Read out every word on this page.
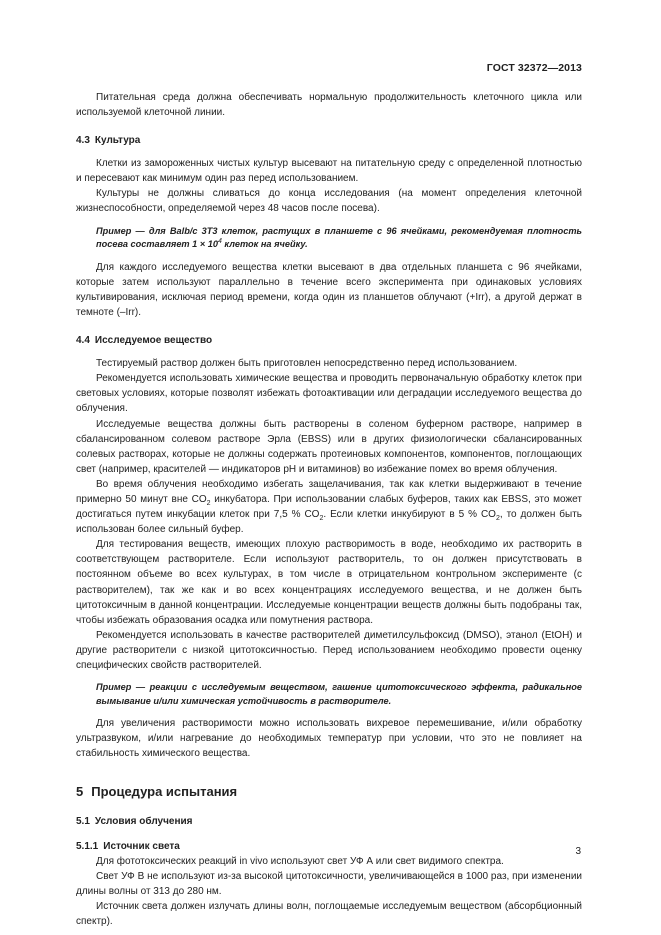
ГОСТ 32372—2013

Питательная среда должна обеспечивать нормальную продолжительность клеточного цикла или используемой клеточной линии.

4.3 Культура

Клетки из замороженных чистых культур высевают на питательную среду с определенной плотностью и пересевают как минимум один раз перед использованием.

Культуры не должны сливаться до конца исследования (на момент определения клеточной жизнеспособности, определяемой через 48 часов после посева).

Пример — для Balb/c 3T3 клеток, растущих в планшете с 96 ячейками, рекомендуемая плотность посева составляет $1 \times 10^4$ клеток на ячейку.

Для каждого исследуемого вещества клетки высевают в два отдельных планшета с 96 ячейками, которые затем используют параллельно в течение всего эксперимента при одинаковых условиях культивирования, исключая период времени, когда один из планшетов облучают (+Irr), а другой держат в темноте (–Irr).

4.4 Исследуемое вещество

Тестируемый раствор должен быть приготовлен непосредственно перед использованием.

Рекомендуется использовать химические вещества и проводить первоначальную обработку клеток при световых условиях, которые позволят избежать фотоактивации или деградации исследуемого вещества до облучения.

Исследуемые вещества должны быть растворены в соленом буферном растворе, например в сбалансированном солевом растворе Эрла (EBSS) или в других физиологически сбалансированных солевых растворах, которые не должны содержать протеиновых компонентов, компонентов, поглощающих свет (например, красителей — индикаторов pH и витаминов) во избежание помех во время облучения.

Во время облучения необходимо избегать защелачивания, так как клетки выдерживают в течение примерно 50 минут вне $CO_2$ инкубатора. При использовании слабых буферов, таких как EBSS, это может достигаться путем инкубации клеток при 7,5 % $CO_2$. Если клетки инкубируют в 5 % $CO_2$, то должен быть использован более сильный буфер.

Для тестирования веществ, имеющих плохую растворимость в воде, необходимо их растворить в соответствующем растворителе. Если используют растворитель, то он должен присутствовать в постоянном объеме во всех культурах, в том числе в отрицательном контрольном эксперименте (с растворителем), так же как и во всех концентрациях исследуемого вещества, и не должен быть цитотоксичным в данной концентрации. Исследуемые концентрации веществ должны быть подобраны так, чтобы избежать образования осадка или помутнения раствора.

Рекомендуется использовать в качестве растворителей диметилсульфоксид (DMSO), этанол (EtOH) и другие растворители с низкой цитотоксичностью. Перед использованием необходимо провести оценку специфических свойств растворителей.

Пример — реакции с исследуемым веществом, гашение цитотоксического эффекта, радикальное вымывание и/или химическая устойчивость в растворителе.

Для увеличения растворимости можно использовать вихревое перемешивание, и/или обработку ультразвуком, и/или нагревание до необходимых температур при условии, что это не повлияет на стабильность химического вещества.

5 Процедура испытания
5.1 Условия облучения
5.1.1 Источник света

Для фототоксических реакций in vivo используют свет УФ А или свет видимого спектра.

Свет УФ В не используют из-за высокой цитотоксичности, увеличивающейся в 1000 раз, при изменении длины волны от 313 до 280 нм.

Источник света должен излучать длины волн, поглощаемые исследуемым веществом (абсорбционный спектр).

3
